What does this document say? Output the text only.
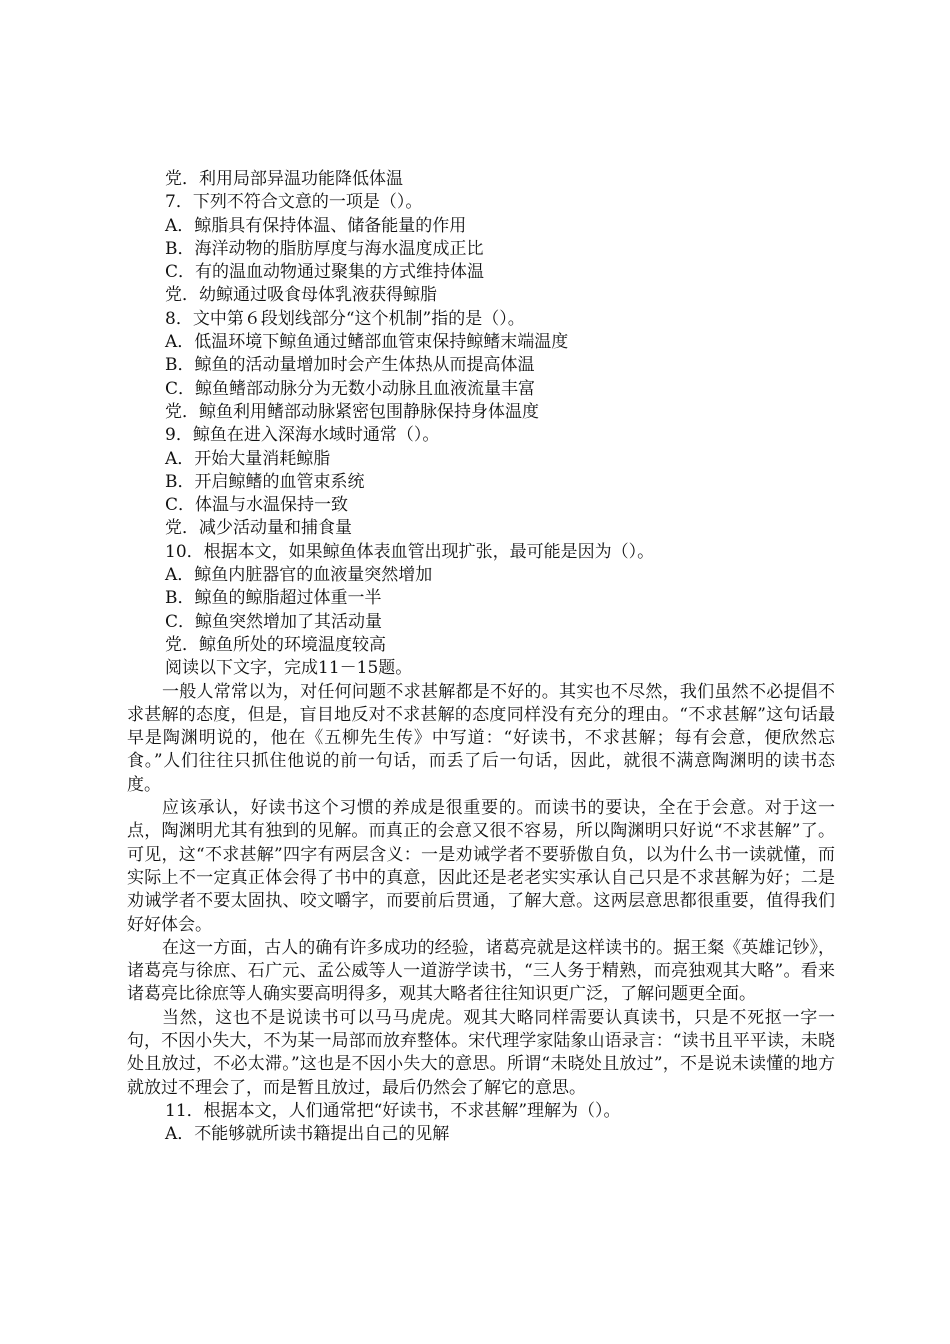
党．利用局部异温功能降低体温
7．下列不符合文意的一项是（）。
A．鲸脂具有保持体温、储备能量的作用
B．海洋动物的脂肪厚度与海水温度成正比
C．有的温血动物通过聚集的方式维持体温
党．幼鲸通过吸食母体乳液获得鲸脂
8．文中第６段划线部分“这个机制”指的是（）。
A．低温环境下鲸鱼通过鳍部血管束保持鲸鳍末端温度
B．鲸鱼的活动量增加时会产生体热从而提高体温
C．鲸鱼鳍部动脉分为无数小动脉且血液流量丰富
党．鲸鱼利用鳍部动脉紧密包围静脉保持身体温度
9．鲸鱼在进入深海水域时通常（）。
A．开始大量消耗鲸脂
B．开启鲸鳍的血管束系统
C．体温与水温保持一致
党．减少活动量和捕食量
10．根据本文，如果鲸鱼体表血管出现扩张，最可能是因为（）。
A．鲸鱼内脏器官的血液量突然增加
B．鲸鱼的鲸脂超过体重一半
C．鲸鱼突然增加了其活动量
党．鲸鱼所处的环境温度较高
阅读以下文字，完成11－15题。
一般人常常以为，对任何问题不求甚解都是不好的。其实也不尽然，我们虽然不必提倡不求甚解的态度，但是，盲目地反对不求甚解的态度同样没有充分的理由。“不求甚解”这句话最早是陶渊明说的，他在《五柳先生传》中写道：“好读书，不求甚解；每有会意，便欣然忘食。”人们往往只抓住他说的前一句话，而丢了后一句话，因此，就很不满意陶渊明的读书态度。
应该承认，好读书这个习惯的养成是很重要的。而读书的要诀，全在于会意。对于这一点，陶渊明尤其有独到的见解。而真正的会意又很不容易，所以陶渊明只好说“不求甚解”了。可见，这“不求甚解”四字有两层含义：一是劝诫学者不要骄傲自负，以为什么书一读就懂，而实际上不一定真正体会得了书中的真意，因此还是老老实实承认自己只是不求甚解为好；二是劝诫学者不要太固执、咬文嚼字，而要前后贯通，了解大意。这两层意思都很重要，值得我们好好体会。
在这一方面，古人的确有许多成功的经验，诸葛亮就是这样读书的。据王粲《英雄记钞》，诸葛亮与徐庶、石广元、孟公威等人一道游学读书，“三人务于精熟，而亮独观其大略”。看来诸葛亮比徐庶等人确实要高明得多，观其大略者往往知识更广泛，了解问题更全面。
当然，这也不是说读书可以马马虎虎。观其大略同样需要认真读书，只是不死抠一字一句，不因小失大，不为某一局部而放弃整体。宋代理学家陆象山语录言：“读书且平平读，未晓处且放过，不必太滞。”这也是不因小失大的意思。所谓“未晓处且放过”，不是说未读懂的地方就放过不理会了，而是暂且放过，最后仍然会了解它的意思。
11．根据本文，人们通常把“好读书，不求甚解”理解为（）。
A．不能够就所读书籍提出自己的见解
